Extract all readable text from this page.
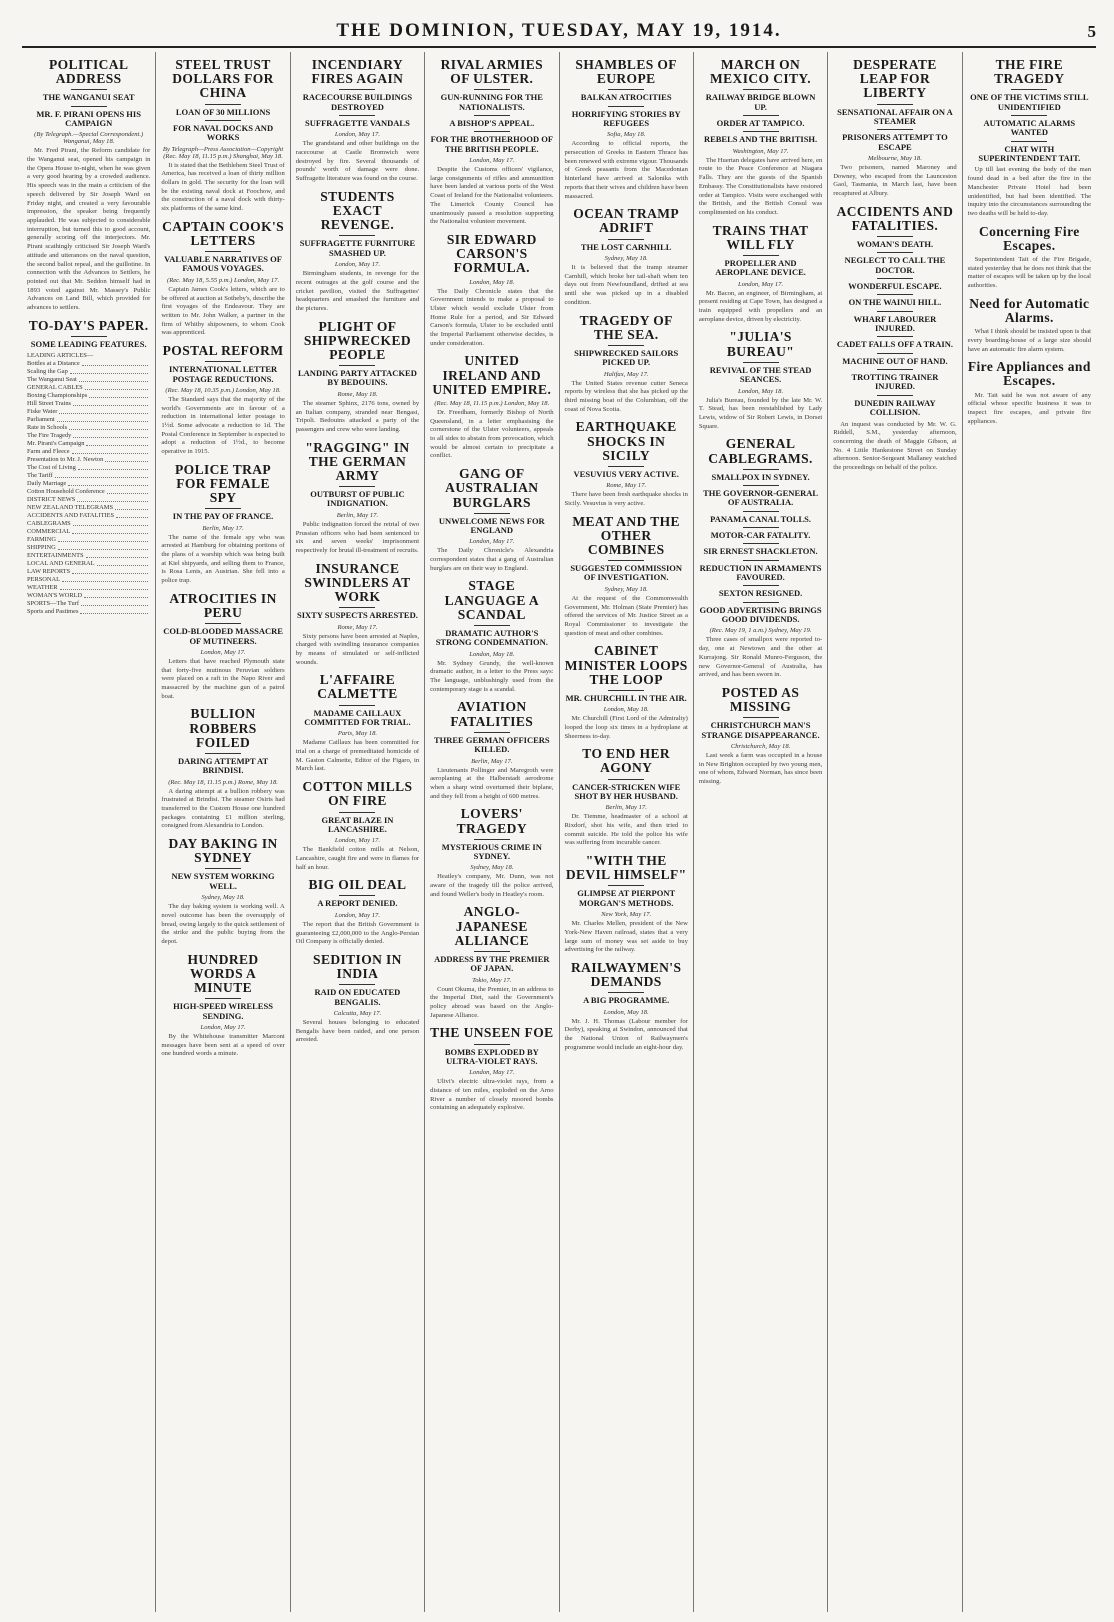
THE DOMINION, TUESDAY, MAY 19, 1914.	5
POLITICAL ADDRESS
THE WANGANUI SEAT
MR. F. PIRANI OPENS HIS CAMPAIGN
(By Telegraph.—Special Correspondent.) Wanganui, May 18.

Mr. Fred Pirani, the Reform candidate for the Wanganui seat, opened his campaign in the Opera House to-night, when he was given a very good hearing by a crowded audience. His speech was in the main a criticism of the speech delivered by Sir Joseph Ward on Friday night, and created a very favourable impression, the speaker being frequently applauded. He was subjected to considerable interruption, but turned this to good account, generally scoring off the interjectors. Mr. Pirani scathingly criticised Sir Joseph Ward's attitude and utterances on the naval question, the second ballot repeal, and the guillotine. In connection with the Advances to Settlers, he pointed out that Mr. Seddon himself had in 1893 voted against Mr. Massey's Public Advances on Land Bill, which provided for advances to settlers.

TO-DAY'S PAPER.
SOME LEADING FEATURES.
LEADING ARTICLES—
Bottles at a Distance
Scaling the Gap
The Wanganui Seat
GENERAL CABLES
Boxing Championships
Hill Street Trains
Fiske Water
Parliament
Rate in Schools
The Fire Tragedy
Mr. Pirani's Campaign
Farm and Fleece
Presentation to Mr. J. Newton
The Cost of Living
The Tariff
Daily Marriage
Cotton Household Conference
DISTRICT NEWS
NEW ZEALAND TELEGRAMS
ACCIDENTS AND FATALITIES
CABLEGRAMS
COMMERCIAL
FARMING
SHIPPING
ENTERTAINMENTS
LOCAL AND GENERAL
LAW REPORTS
PERSONAL
WEATHER
WOMAN'S WORLD
SPORTS—The Turf
Sports and Pastimes
STEEL TRUST DOLLARS FOR CHINA
LOAN OF 30 MILLIONS
FOR NAVAL DOCKS AND WORKS
By Telegraph—Press Association—Copyright (Rec. May 18, 11.15 p.m.) Shanghai, May 18.

It is stated that the Bethlehem Steel Trust of America, has received a loan of thirty million dollars in gold. The security for the loan will be the existing naval dock at Foochow, and the construction of a naval dock with thirty-six platforms of the same kind.

CAPTAIN COOK'S LETTERS
VALUABLE NARRATIVES OF FAMOUS VOYAGES.
(Rec. May 18, 5.55 p.m.) London, May 17.

Captain James Cook's letters, which are to be offered at auction at Sotheby's, describe the first voyages of the Endeavour. They are written to Mr. John Walker, a partner in the firm of Whitby shipowners, to whom Cook was apprenticed.

POSTAL REFORM
INTERNATIONAL LETTER POSTAGE REDUCTIONS.
(Rec. May 18, 10.35 p.m.) London, May 18.

The Standard says that the majority of the world's Governments are in favour of a reduction in international letter postage to 1½d. Some advocate a reduction to 1d. The Postal Conference in September is expected to adopt a reduction of 1½d., to become operative in 1915.

POLICE TRAP FOR FEMALE SPY
IN THE PAY OF FRANCE.
Berlin, May 17.

The name of the female spy who was arrested at Hamburg for obtaining portions of the plans of a warship which was being built at Kiel shipyards, and selling them to France, is Rosa Lenis, an Austrian. She fell into a police trap.

ATROCITIES IN PERU
COLD-BLOODED MASSACRE OF MUTINEERS.
London, May 17.

Letters that have reached Plymouth state that forty-five mutinous Peruvian soldiers were placed on a raft in the Napo River and massacred by the machine gun of a patrol boat.

BULLION ROBBERS FOILED
DARING ATTEMPT AT BRINDISI.
(Rec. May 18, 11.15 p.m.) Rome, May 18.

A daring attempt at a bullion robbery was frustrated at Brindisi. The steamer Osiris had transferred to the Custom House one hundred packages containing £1 million sterling, consigned from Alexandria to London.

DAY BAKING IN SYDNEY
NEW SYSTEM WORKING WELL.
Sydney, May 18.

The day baking system is working well. A novel outcome has been the oversupply of bread, owing largely to the quick settlement of the strike and the public buying from the depot.

HUNDRED WORDS A MINUTE
HIGH-SPEED WIRELESS SENDING.
London, May 17.

By the Whitehouse transmitter Marconi messages have been sent at a speed of over one hundred words a minute.

INCENDIARY FIRES AGAIN
RACECOURSE BUILDINGS DESTROYED
SUFFRAGETTE VANDALS
London, May 17.

The grandstand and other buildings on the racecourse at Castle Bromwich were destroyed by fire. Several thousands of pounds' worth of damage were done. Suffragette literature was found on the course.

STUDENTS EXACT REVENGE.
SUFFRAGETTE FURNITURE SMASHED UP.
London, May 17.

Birmingham students, in revenge for the recent outrages at the golf course and the cricket pavilion, visited the Suffragettes' headquarters and smashed the furniture and the pictures.

PLIGHT OF SHIPWRECKED PEOPLE
LANDING PARTY ATTACKED BY BEDOUINS.
Rome, May 18.

The steamer Sphinx, 2176 tons, owned by an Italian company, stranded near Bengasi, Tripoli. Bedouins attacked a party of the passengers and crew who were landing.

"RAGGING" IN THE GERMAN ARMY
OUTBURST OF PUBLIC INDIGNATION.
Berlin, May 17.

Public indignation forced the retrial of two Prussian officers who had been sentenced to six and seven weeks' imprisonment respectively for brutal ill-treatment of recruits.

INSURANCE SWINDLERS AT WORK
SIXTY SUSPECTS ARRESTED.
Rome, May 17.

Sixty persons have been arrested at Naples, charged with swindling insurance companies by means of simulated or self-inflicted wounds.

L'AFFAIRE CALMETTE
MADAME CAILLAUX COMMITTED FOR TRIAL.
Paris, May 18.

Madame Caillaux has been committed for trial on a charge of premeditated homicide of M. Gaston Calmette, Editor of the Figaro, in March last.

COTTON MILLS ON FIRE
GREAT BLAZE IN LANCASHIRE.
London, May 17.

The Bankfield cotton mills at Nelson, Lancashire, caught fire and were in flames for half an hour.

BIG OIL DEAL
A REPORT DENIED.
London, May 17.

The report that the British Government is guaranteeing £2,000,000 to the Anglo-Persian Oil Company is officially denied.

SEDITION IN INDIA
RAID ON EDUCATED BENGALIS.
Calcutta, May 17.

Several houses belonging to educated Bengalis have been raided, and one person arrested.

RIVAL ARMIES OF ULSTER.
GUN-RUNNING FOR THE NATIONALISTS.
A BISHOP'S APPEAL.
FOR THE BROTHERHOOD OF THE BRITISH PEOPLE.
London, May 17.

Despite the Customs officers' vigilance, large consignments of rifles and ammunition have been landed at various ports of the West Coast of Ireland for the Nationalist volunteers. The Limerick County Council has unanimously passed a resolution supporting the Nationalist volunteer movement.

SIR EDWARD CARSON'S FORMULA.
London, May 18.

The Daily Chronicle states that the Government intends to make a proposal to Ulster which would exclude Ulster from Home Rule for a period, and Sir Edward Carson's formula, Ulster to be excluded until the Imperial Parliament otherwise decides, is under consideration.

UNITED IRELAND AND UNITED EMPIRE.
(Rec. May 18, 11.15 p.m.) London, May 18.

Dr. Freedham, formerly Bishop of North Queensland, in a letter emphasising the cornerstone of the Ulster volunteers, appeals to all sides to abstain from provocation, which would be almost certain to precipitate a conflict.

GANG OF AUSTRALIAN BURGLARS
UNWELCOME NEWS FOR ENGLAND
London, May 17.

The Daily Chronicle's Alexandria correspondent states that a gang of Australian burglars are on their way to England.

STAGE LANGUAGE A SCANDAL
DRAMATIC AUTHOR'S STRONG CONDEMNATION.
London, May 18.

Mr. Sydney Grundy, the well-known dramatic author, in a letter to the Press says: The language, unblushingly used from the contemporary stage is a scandal.

AVIATION FATALITIES
THREE GERMAN OFFICERS KILLED.
Berlin, May 17.

Lieutenants Pollinger and Maregroth were aeroplaning at the Halberstadt aerodrome when a sharp wind overturned their biplane, and they fell from a height of 600 metres.

LOVERS' TRAGEDY
MYSTERIOUS CRIME IN SYDNEY.
Sydney, May 18.

Heatley's company, Mr. Dunn, was not aware of the tragedy till the police arrived, and found Weller's body in Heatley's room.

ANGLO-JAPANESE ALLIANCE
ADDRESS BY THE PREMIER OF JAPAN.
Tokio, May 17.

Count Okuma, the Premier, in an address to the Imperial Diet, said the Government's policy abroad was based on the Anglo-Japanese Alliance.

THE UNSEEN FOE
BOMBS EXPLODED BY ULTRA-VIOLET RAYS.
London, May 17.

Ulivi's electric ultra-violet rays, from a distance of ten miles, exploded on the Arno River a number of closely moored bombs containing an adequately explosive.

SHAMBLES OF EUROPE
BALKAN ATROCITIES
HORRIFYING STORIES BY REFUGEES
Sofia, May 18.

According to official reports, the persecution of Greeks in Eastern Thrace has been renewed with extreme vigour. Thousands of Greek peasants from the Macedonian hinterland have arrived at Salonika with reports that their wives and children have been massacred.

OCEAN TRAMP ADRIFT
THE LOST CARNHILL
Sydney, May 18.

It is believed that the tramp steamer Carnhill, which broke her tail-shaft when ten days out from Newfoundland, drifted at sea until she was picked up in a disabled condition.

TRAGEDY OF THE SEA.
SHIPWRECKED SAILORS PICKED UP.
Halifax, May 17.

The United States revenue cutter Seneca reports by wireless that she has picked up the third missing boat of the Columbian, off the coast of Nova Scotia.

EARTHQUAKE SHOCKS IN SICILY
VESUVIUS VERY ACTIVE.
Rome, May 17.

There have been fresh earthquake shocks in Sicily. Vesuvius is very active.

MEAT AND THE OTHER COMBINES
SUGGESTED COMMISSION OF INVESTIGATION.
Sydney, May 18.

At the request of the Commonwealth Government, Mr. Holman (State Premier) has offered the services of Mr. Justice Street as a Royal Commissioner to investigate the question of meat and other combines.

CABINET MINISTER LOOPS THE LOOP
MR. CHURCHILL IN THE AIR.
London, May 18.

Mr. Churchill (First Lord of the Admiralty) looped the loop six times in a hydroplane at Sheerness to-day.

TO END HER AGONY
CANCER-STRICKEN WIFE SHOT BY HER HUSBAND.
Berlin, May 17.

Dr. Tiemme, headmaster of a school at Rixdorf, shot his wife, and then tried to commit suicide. He told the police his wife was suffering from incurable cancer.

"WITH THE DEVIL HIMSELF"
GLIMPSE AT PIERPONT MORGAN'S METHODS.
New York, May 17.

Mr. Charles Mellen, president of the New York-New Haven railroad, states that a very large sum of money was set aside to buy advertising for the railway.

RAILWAYMEN'S DEMANDS
A BIG PROGRAMME.
London, May 18.

Mr. J. H. Thomas (Labour member for Derby), speaking at Swindon, announced that the National Union of Railwaymen's programme would include an eight-hour day.

MARCH ON MEXICO CITY.
RAILWAY BRIDGE BLOWN UP.
ORDER AT TAMPICO.
REBELS AND THE BRITISH.
Washington, May 17.

The Huertan delegates have arrived here, en route to the Peace Conference at Niagara Falls. They are the guests of the Spanish Embassy. The Constitutionalists have restored order at Tampico. Visits were exchanged with the British, and the British Consul was complimented on his conduct.

TRAINS THAT WILL FLY
PROPELLER AND AEROPLANE DEVICE.
London, May 17.

Mr. Bacon, an engineer, of Birmingham, at present residing at Cape Town, has designed a train equipped with propellers and an aeroplane device, driven by electricity.

"JULIA'S BUREAU"
REVIVAL OF THE STEAD SEANCES.
London, May 18.

Julia's Bureau, founded by the late Mr. W. T. Stead, has been reestablished by Lady Lewis, widow of Sir Robert Lewis, in Dorset Square.

GENERAL CABLEGRAMS.
SMALLPOX IN SYDNEY.
THE GOVERNOR-GENERAL OF AUSTRALIA.
PANAMA CANAL TOLLS.
MOTOR-CAR FATALITY.
SIR ERNEST SHACKLETON.
REDUCTION IN ARMAMENTS FAVOURED.
SEXTON RESIGNED.
GOOD ADVERTISING BRINGS GOOD DIVIDENDS.
(Rec. May 19, 1 a.m.) Sydney, May 19.

Three cases of smallpox were reported to-day, one at Newtown and the other at Kurrajong. Sir Ronald Munro-Ferguson, the new Governor-General of Australia, has arrived, and has been sworn in.

POSTED AS MISSING
CHRISTCHURCH MAN'S STRANGE DISAPPEARANCE.
Christchurch, May 18.

Last week a farm was occupied in a house in New Brighton occupied by two young men, one of whom, Edward Norman, has since been missing.

DESPERATE LEAP FOR LIBERTY
SENSATIONAL AFFAIR ON A STEAMER
PRISONERS ATTEMPT TO ESCAPE
Melbourne, May 18.

Two prisoners, named Maroney and Downey, who escaped from the Launceston Gaol, Tasmania, in March last, have been recaptured at Albury.

ACCIDENTS AND FATALITIES.
WOMAN'S DEATH.
NEGLECT TO CALL THE DOCTOR.
WONDERFUL ESCAPE.
ON THE WAINUI HILL.
WHARF LABOURER INJURED.
CADET FALLS OFF A TRAIN.
MACHINE OUT OF HAND.
TROTTING TRAINER INJURED.
DUNEDIN RAILWAY COLLISION.

An inquest was conducted by Mr. W. G. Riddell, S.M., yesterday afternoon, concerning the death of Maggie Gibson, at No. 4 Little Hankestone Street on Sunday afternoon. Senior-Sergeant Mallaney watched the proceedings on behalf of the police.

THE FIRE TRAGEDY
ONE OF THE VICTIMS STILL UNIDENTIFIED
AUTOMATIC ALARMS WANTED
CHAT WITH SUPERINTENDENT TAIT.

Up till last evening the body of the man found dead in a bed after the fire in the Manchester Private Hotel had been unidentified, but had been identified. The inquiry into the circumstances surrounding the two deaths will be held to-day.

Concerning Fire Escapes.

Superintendent Tait of the Fire Brigade, stated yesterday that he does not think that the matter of escapes will be taken up by the local authorities.

Need for Automatic Alarms.

What I think should be insisted upon is that every boarding-house of a large size should have an automatic fire alarm system.

Fire Appliances and Escapes.

Mr. Tait said he was not aware of any official whose specific business it was to inspect fire escapes, and private fire appliances.
